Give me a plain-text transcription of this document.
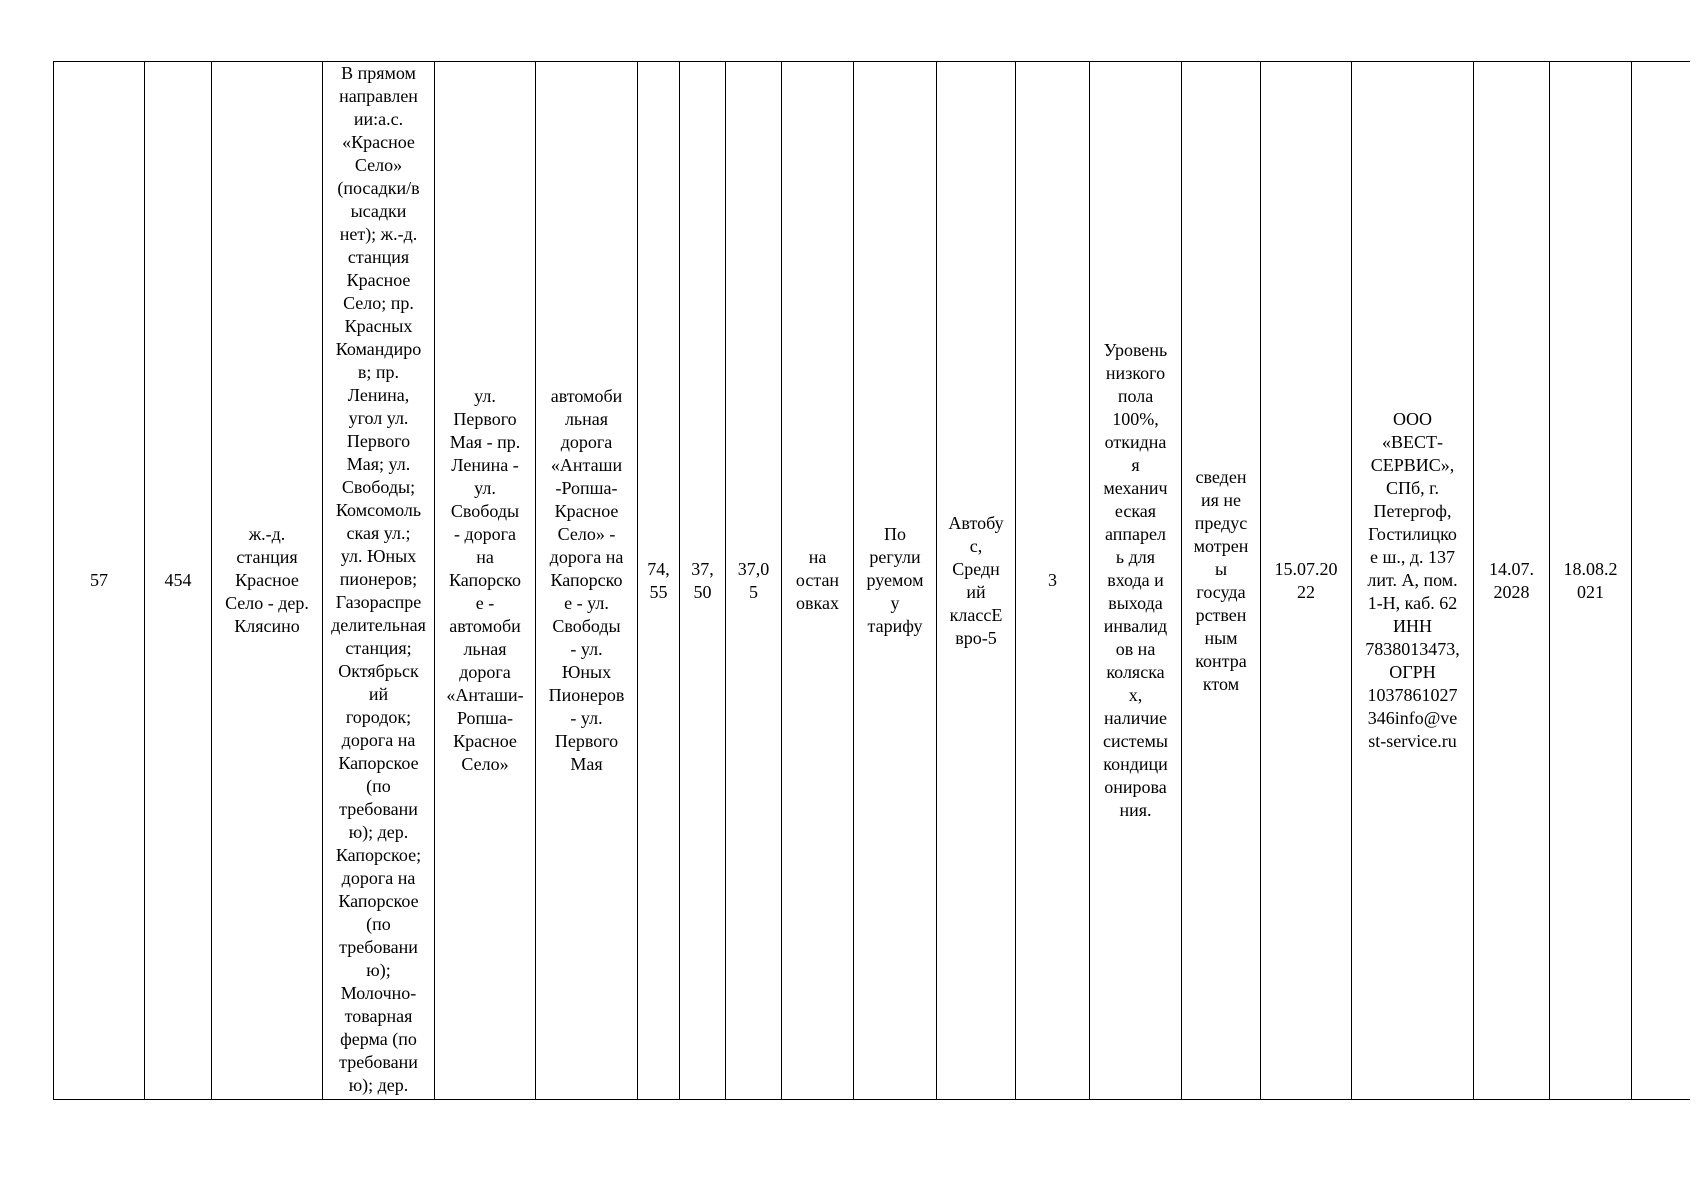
57	454	ж.-д.
станция
Красное
Село - дер.
Клясино	В прямом
направлен
ии:а.с.
«Красное
Село»
(посадки/в
ысадки
нет); ж.-д.
станция
Красное
Село; пр.
Красных
Командиро
в; пр.
Ленина,
угол ул.
Первого
Мая; ул.
Свободы;
Комсомоль
ская ул.;
ул. Юных
пионеров;
Газораспре
делительная
станция;
Октябрьск
ий
городок;
дорога на
Капорское
(по
требовани
ю); дер.
Капорское;
дорога на
Капорское
(по
требовани
ю);
Молочно-
товарная
ферма (по
требовани
ю); дер.	ул.
Первого
Мая - пр.
Ленина -
ул.
Свободы
- дорога
на
Капорско
е -
автомоби
льная
дорога
«Анташи-
Ропша-
Красное
Село»	автомоби
льная
дорога
«Анташи
-Ропша-
Красное
Село» -
дорога на
Капорско
е - ул.
Свободы
- ул.
Юных
Пионеров
- ул.
Первого
Мая	74,
55	37,
50	37,0
5	на
остан
овках	По
регули
руемом
у
тарифу	Автобу
с,
Средн
ий
классЕ
вро-5	3	Уровень
низкого
пола
100%,
откидна
я
механич
еская
аппарел
ь для
входа и
выхода
инвалид
ов на
коляска
х,
наличие
системы
кондици
онирова
ния.	сведен
ия не
предус
мотрен
ы
госуда
рствен
ным
контра
ктом	15.07.20
22	ООО
«ВЕСТ-
СЕРВИС»,
СПб, г.
Петергоф,
Гостилицко
е ш., д. 137
лит. А, пом.
1-Н, каб. 62
ИНН
7838013473,
ОГРН
1037861027
346info@ve
st-service.ru	14.07.
2028	18.08.2
021	
